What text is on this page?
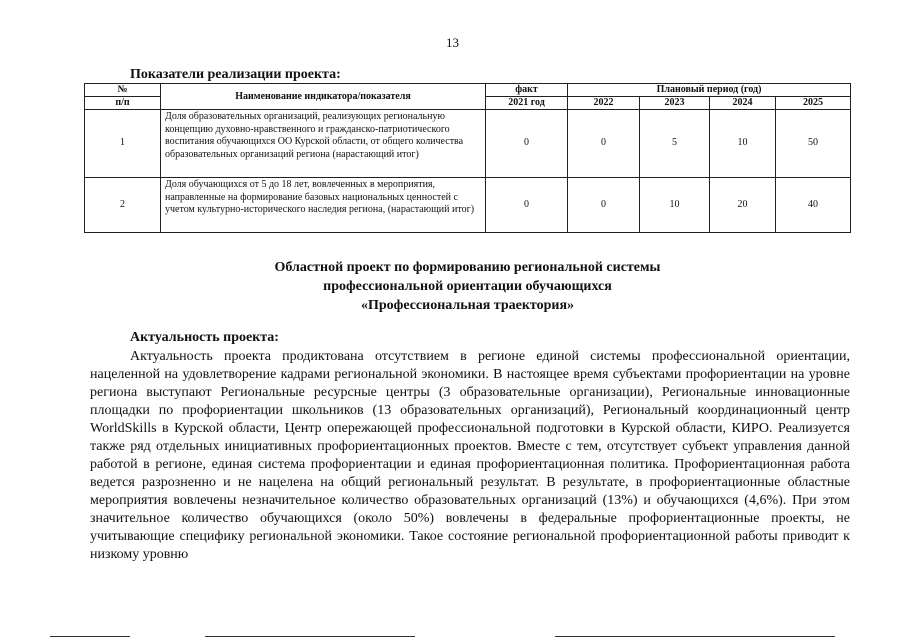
13

Показатели реализации проекта:

№	Наименование индикатора/показателя	факт	Плановый период (год)			
п/п		2021 год	2022	2023	2024	2025
1	Доля образовательных организаций, реализующих региональную концепцию духовно-нравственного и гражданско-патриотического воспитания обучающихся ОО Курской области, от общего количества образовательных организаций региона (нарастающий итог)	0	0	5	10	50
2	Доля обучающихся от 5 до 18 лет, вовлеченных в мероприятия, направленные на формирование базовых национальных ценностей с учетом культурно-исторического наследия региона, (нарастающий итог)	0	0	10	20	40
Областной проект по формированию региональной системы
профессиональной ориентации обучающихся
«Профессиональная траектория»

Актуальность проекта:

Актуальность проекта продиктована отсутствием в регионе единой системы профессиональной ориентации, нацеленной на удовлетворение кадрами региональной экономики. В настоящее время субъектами профориентации на уровне региона выступают Региональные ресурсные центры (3 образовательные организации), Региональные инновационные площадки по профориентации школьников (13 образовательных организаций), Региональный координационный центр WorldSkills в Курской области, Центр опережающей профессиональной подготовки в Курской области, КИРО. Реализуется также ряд отдельных инициативных профориентационных проектов. Вместе с тем, отсутствует субъект управления данной работой в регионе, единая система профориентации и единая профориентационная политика. Профориентационная работа ведется разрозненно и не нацелена на общий региональный результат. В результате, в профориентационные областные мероприятия вовлечены незначительное количество образовательных организаций (13%) и обучающихся (4,6%). При этом значительное количество обучающихся (около 50%) вовлечены в федеральные профориентационные проекты, не учитывающие специфику региональной экономики. Такое состояние региональной профориентационной работы приводит к низкому уровню
